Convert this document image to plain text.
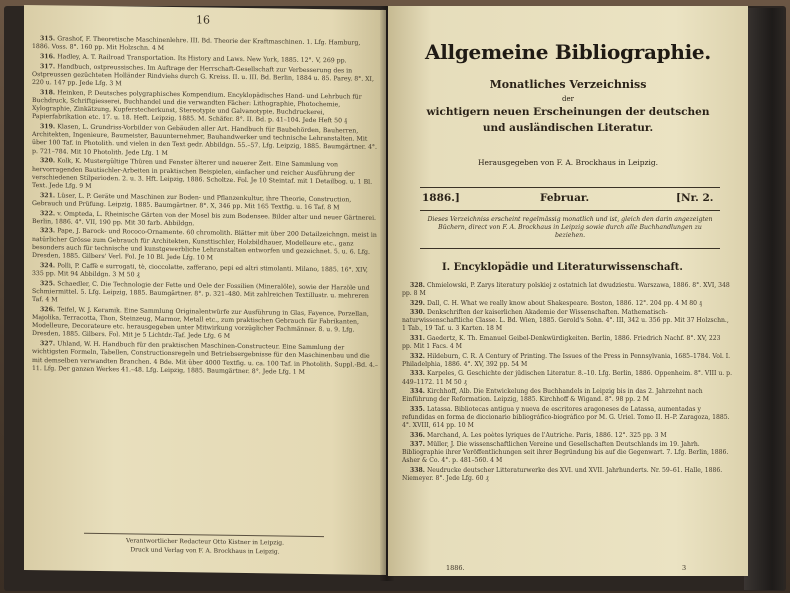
16

315. Grashof, F. Theoretische Maschinenlehre. III. Bd. Theorie der Kraftmaschinen. 1. Lfg. Hamburg, 1886. Voss. 8°. 160 pp. Mit Holzschn. 4 M

316. Hadley, A. T. Railroad Transportation. Its History and Laws. New York, 1885. 12°. V, 269 pp.

317. Handbuch, ostpreussisches. Im Auftrage der Herrschaft-Gesellschaft zur Verbesserung des in Ostpreussen gezüchteten Holländer Rindviehs durch G. Kreiss. II. u. III. Bd. Berlin, 1884 u. 85. Parey. 8°. XI, 220 u. 147 pp. Jede Lfg. 3 M

318. Heinken, P. Deutsches polygraphisches Kompendium. Encyklopädisches Hand- und Lehrbuch für Buchdruck, Schriftgiesserei, Buchhandel und die verwandten Fächer: Lithographie, Photochemie, Xylographie, Zinkätzung, Kupferstecherkunst, Stereotypie und Galvanotypie, Buchdruckerei, Papierfabrikation etc. 17. u. 18. Heft. Leipzig, 1885. M. Schäfer. 8°. II. Bd. p. 41–104. Jede Heft 50 ₰

319. Klasen, L. Grundriss-Vorbilder von Gebäuden aller Art. Handbuch für Baubehörden, Bauherren, Architekten, Ingenieure, Baumeister, Bauunternehmer, Bauhandwerker und technische Lehranstalten. Mit über 100 Taf. in Photolith. und vielen in den Text gedr. Abbildgn. 55.–57. Lfg. Leipzig, 1885. Baumgärtner. 4°. p. 721–784. Mit 10 Photolith. Jede Lfg. 1 M

320. Kolk, K. Mustergültige Thüren und Fenster älterer und neuerer Zeit. Eine Sammlung von hervorragenden Bautischler-Arbeiten in praktischen Beispielen, einfacher und reicher Ausführung der verschiedenen Stilperioden. 2. u. 3. Hft. Leipzig, 1886. Scholtze. Fol. Je 10 Steintaf. mit 1 Detailbog. u. 1 Bl. Text. Jede Lfg. 9 M

321. Lüser, L. P. Geräte und Maschinen zur Boden- und Pflanzenkultur, ihre Theorie, Construction, Gebrauch und Prüfung. Leipzig, 1885. Baumgärtner. 8°. X, 346 pp. Mit 165 Textfig. u. 16 Taf. 8 M

322. v. Ompteda, L. Rheinische Gärten von der Mosel bis zum Bodensee. Bilder alter und neuer Gärtnerei. Berlin, 1886. 4°. VII, 190 pp. Mit 30 farb. Abbildgn.

323. Pape, J. Barock- und Rococo-Ornamente. 60 chromolith. Blätter mit über 200 Detailzeichngn. meist in natürlicher Grösse zum Gebrauch für Architekten, Kunsttischler, Holzbildhauer, Modelleure etc., ganz besonders auch für technische und kunstgewerbliche Lehranstalten entworfen und gezeichnet. 5. u. 6. Lfg. Dresden, 1885. Gilbers' Verl. Fol. Je 10 Bl. Jede Lfg. 10 M

324. Polli, P. Caffè e surrogati, tè, cioccolatte, zafferano, pepi ed altri stimolanti. Milano, 1885. 16°. XIV, 335 pp. Mit 94 Abbildgn. 3 M 50 ₰

325. Schaedler, C. Die Technologie der Fette und Oele der Fossilien (Mineralöle), sowie der Harzöle und Schmiermittel. 5. Lfg. Leipzig, 1885. Baumgärtner. 8°. p. 321–480. Mit zahlreichen Textillustr. u. mehreren Taf. 4 M

326. Teifel, W. J. Keramik. Eine Sammlung Originalentwürfe zur Ausführung in Glas, Fayence, Porzellan, Majolika, Terracotta, Thon, Steinzeug, Marmor, Metall etc., zum praktischen Gebrauch für Fabrikanten, Modelleure, Decorateure etc. herausgegeben unter Mitwirkung vorzüglicher Fachmänner. 8. u. 9. Lfg. Dresden, 1885. Gilbers. Fol. Mit je 5 Lichtdr.-Taf. Jede Lfg. 6 M

327. Uhland, W. H. Handbuch für den praktischen Maschinen-Constructeur. Eine Sammlung der wichtigsten Formeln, Tabellen, Constructionsregeln und Betriebsergebnisse für den Maschinenbau und die mit demselben verwandten Branchen. 4 Bde. Mit über 4000 Textfig. u. ca. 100 Taf. in Photolith. Suppl.-Bd. 4.–11. Lfg. Der ganzen Werkes 41.–48. Lfg. Leipzig, 1885. Baumgärtner. 8°. Jede Lfg. 1 M

Verantwortlicher Redacteur Otto Kistner in Leipzig.
Druck und Verlag von F. A. Brockhaus in Leipzig.
Allgemeine Bibliographie.
Monatliches Verzeichniss
der
wichtigern neuen Erscheinungen der deutschen
und ausländischen Literatur.
Herausgegeben von F. A. Brockhaus in Leipzig.
1886.]	Februar.	[Nr. 2.
Dieses Verzeichniss erscheint regelmässig monatlich und ist, gleich den darin angezeigten Büchern, direct von F. A. Brockhaus in Leipzig sowie durch alle Buchhandlungen zu beziehen.
I. Encyklopädie und Literaturwissenschaft.

328. Chmielowski, P. Zarys literatury polskiej z ostatnich lat dwudziestu. Warszawa, 1886. 8°. XVI, 348 pp. 8 M

329. Dall, C. H. What we really know about Shakespeare. Boston, 1886. 12°. 204 pp. 4 M 80 ₰

330. Denkschriften der kaiserlichen Akademie der Wissenschaften. Mathematisch-naturwissenschaftliche Classe. L. Bd. Wien, 1885. Gerold's Sohn. 4°. III, 342 u. 356 pp. Mit 37 Holzschn., 1 Tab., 19 Taf. u. 3 Karten. 18 M

331. Gaedertz, K. Th. Emanuel Geibel-Denkwürdigkeiten. Berlin, 1886. Friedrich Nachf. 8°. XV, 223 pp. Mit 1 Facs. 4 M

332. Hildeburn, C. R. A Century of Printing. The Issues of the Press in Pennsylvania, 1685–1784. Vol. I. Philadelphia, 1886. 4°. XV, 392 pp. 54 M

333. Karpeles, G. Geschichte der jüdischen Literatur. 8.–10. Lfg. Berlin, 1886. Oppenheim. 8°. VIII u. p. 449–1172. 11 M 50 ₰

334. Kirchhoff, Alb. Die Entwickelung des Buchhandels in Leipzig bis in das 2. Jahrzehnt nach Einführung der Reformation. Leipzig, 1885. Kirchhoff & Wigand. 8°. 98 pp. 2 M

335. Latassa. Bibliotecas antigua y nueva de escritores aragoneses de Latassa, aumentadas y refundidas en forma de diccionario bibliográfico-biográfico por M. G. Uriel. Tomo II. H–P. Zaragoza, 1885. 4°. XVIII, 614 pp. 10 M

336. Marchand, A. Les poètes lyriques de l'Autriche. Paris, 1886. 12°. 325 pp. 3 M

337. Müller, J. Die wissenschaftlichen Vereine und Gesellschaften Deutschlands im 19. Jahrh. Bibliographie ihrer Veröffentlichungen seit ihrer Begründung bis auf die Gegenwart. 7. Lfg. Berlin, 1886. Asher & Co. 4°. p. 481–560. 4 M

338. Neudrucke deutscher Litteraturwerke des XVI. und XVII. Jahrhunderts. Nr. 59–61. Halle, 1886. Niemeyer. 8°. Jede Lfg. 60 ₰

1886.	3
